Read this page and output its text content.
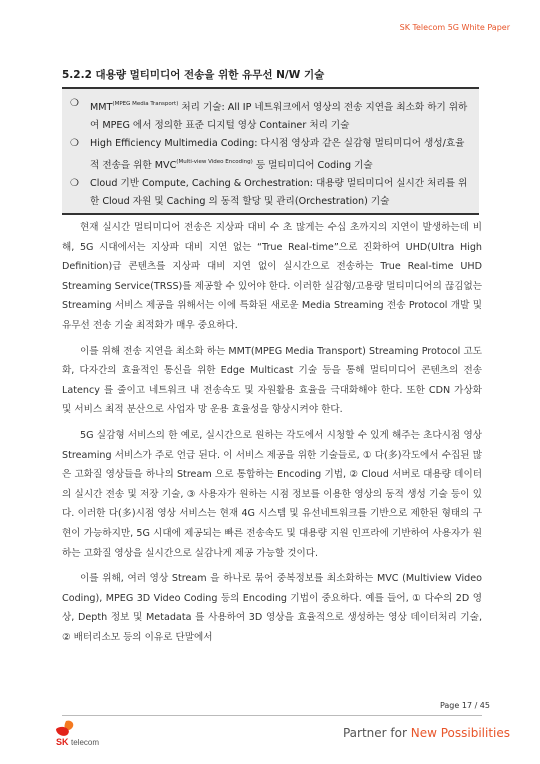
SK Telecom 5G White Paper
5.2.2 대용량 멀티미디어 전송을 위한 유무선 N/W 기술
❍	$MMT^{(MPEG Media Transport)}$ 처리 기술: All IP 네트워크에서 영상의 전송 지연을 최소화 하기 위하여 MPEG 에서 정의한 표준 디지털 영상 Container 처리 기술
❍	High Efficiency Multimedia Coding: 다시점 영상과 같은 실감형 멀티미디어 생성/효율적 전송을 위한 $MVC^{(Multi-view Video Encoding)}$ 등 멀티미디어 Coding 기술
❍	Cloud 기반 Compute, Caching & Orchestration: 대용량 멀티미디어 실시간 처리를 위한 Cloud 자원 및 Caching 의 동적 할당 및 관리(Orchestration) 기술

현재 실시간 멀티미디어 전송은 지상파 대비 수 초 많게는 수십 초까지의 지연이 발생하는데 비해, 5G 시대에서는 지상파 대비 지연 없는 “True Real-time”으로 진화하여 UHD(Ultra High Definition)급 콘텐츠를 지상파 대비 지연 없이 실시간으로 전송하는 True Real-time UHD Streaming Service(TRSS)를 제공할 수 있어야 한다. 이러한 실감형/고용량 멀티미디어의 끊김없는 Streaming 서비스 제공을 위해서는 이에 특화된 새로운 Media Streaming 전송 Protocol 개발 및 유무선 전송 기술 최적화가 매우 중요하다.

이를 위해 전송 지연을 최소화 하는 MMT(MPEG Media Transport) Streaming Protocol 고도화, 다자간의 효율적인 통신을 위한 Edge Multicast 기술 등을 통해 멀티미디어 콘텐츠의 전송 Latency 를 줄이고 네트워크 내 전송속도 및 자원활용 효율을 극대화해야 한다. 또한 CDN 가상화 및 서비스 최적 분산으로 사업자 망 운용 효율성을 향상시켜야 한다.

5G 실감형 서비스의 한 예로, 실시간으로 원하는 각도에서 시청할 수 있게 해주는 초다시점 영상 Streaming 서비스가 주로 언급 된다. 이 서비스 제공을 위한 기술들로, ① 다(多)각도에서 수집된 많은 고화질 영상들을 하나의 Stream 으로 통합하는 Encoding 기법, ② Cloud 서버로 대용량 데이터의 실시간 전송 및 저장 기술, ③ 사용자가 원하는 시점 정보를 이용한 영상의 동적 생성 기술 등이 있다. 이러한 다(多)시점 영상 서비스는 현재 4G 시스템 및 유선네트워크를 기반으로 제한된 형태의 구현이 가능하지만, 5G 시대에 제공되는 빠른 전송속도 및 대용량 지원 인프라에 기반하여 사용자가 원하는 고화질 영상을 실시간으로 실감나게 제공 가능할 것이다.

이를 위해, 여러 영상 Stream 을 하나로 묶어 중복정보를 최소화하는 MVC (Multiview Video Coding), MPEG 3D Video Coding 등의 Encoding 기법이 중요하다. 예를 들어, ① 다수의 2D 영상, Depth 정보 및 Metadata 를 사용하여 3D 영상을 효율적으로 생성하는 영상 데이터처리 기술, ② 배터리소모 등의 이유로 단말에서

Page 17 / 45
SK telecom
Partner for New Possibilities
